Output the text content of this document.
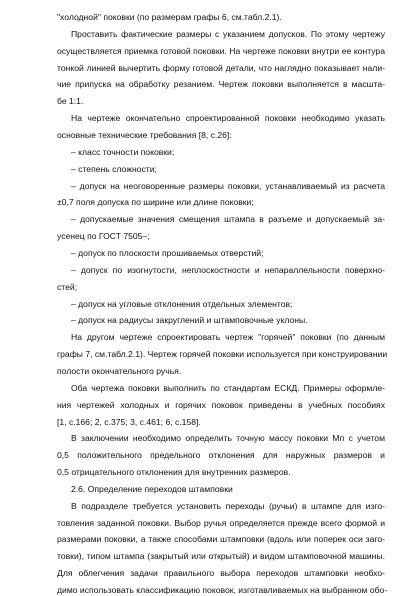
"холодной" поковки (по размерам графы 6, см.табл.2.1).
Проставить фактические размеры с указанием допусков. По этому чертежу
осуществляется приемка готовой поковки. На чертеже поковки внутри ее контура
тонкой линией вычертить форму готовой детали, что наглядно показывает нали-
чие припуска на обработку резанием. Чертеж поковки выполняется в масшта-
бе 1:1.
На чертеже окончательно спроектированной поковки необходимо указать
основные технические требования [8, с.26]:
– класс точности поковки;
– степень сложности;
– допуск на неоговоренные размеры поковки, устанавливаемый из расчета
±0,7 поля допуска по ширине или длине поковки;
– допускаемые значения смещения штампа в разъеме и допускаемый за-
усенец по ГОСТ 7505–;
– допуск по плоскости прошиваемых отверстий;
– допуск по изогнутости, неплоскостности и непараллельности поверхно-
стей;
– допуск на угловые отклонения отдельных элементов;
– допуск на радиусы закруглений и штамповочные уклоны.
На другом чертеже спроектировать чертеж "горячей" поковки (по данным
графы 7, см.табл.2.1). Чертеж горячей поковки используется при конструировании
полости окончательного ручья.
Оба чертежа поковки выполнить по стандартам ЕСКД. Примеры оформле-
ния чертежей холодных и горячих поковок приведены в учебных пособиях
[1, с.166; 2, с.375; 3, с.461; 6, с.158].
В заключении необходимо определить точную массу поковки Mп с учетом
0,5 положительного предельного отклонения для наружных размеров и
0,5 отрицательного отклонения для внутренних размеров.
2.6. Определение переходов штамповки
В подразделе требуется установить переходы (ручьи) в штампе для изго-
товления заданной поковки. Выбор ручья определяется прежде всего формой и
размерами поковки, а также способами штамповки (вдоль или поперек оси заго-
товки), типом штампа (закрытый или открытый) и видом штамповочной машины.
Для облегчения задачи правильного выбора переходов штамповки необхо-
димо использовать классификацию поковок, изготавливаемых на выбранном обо-
